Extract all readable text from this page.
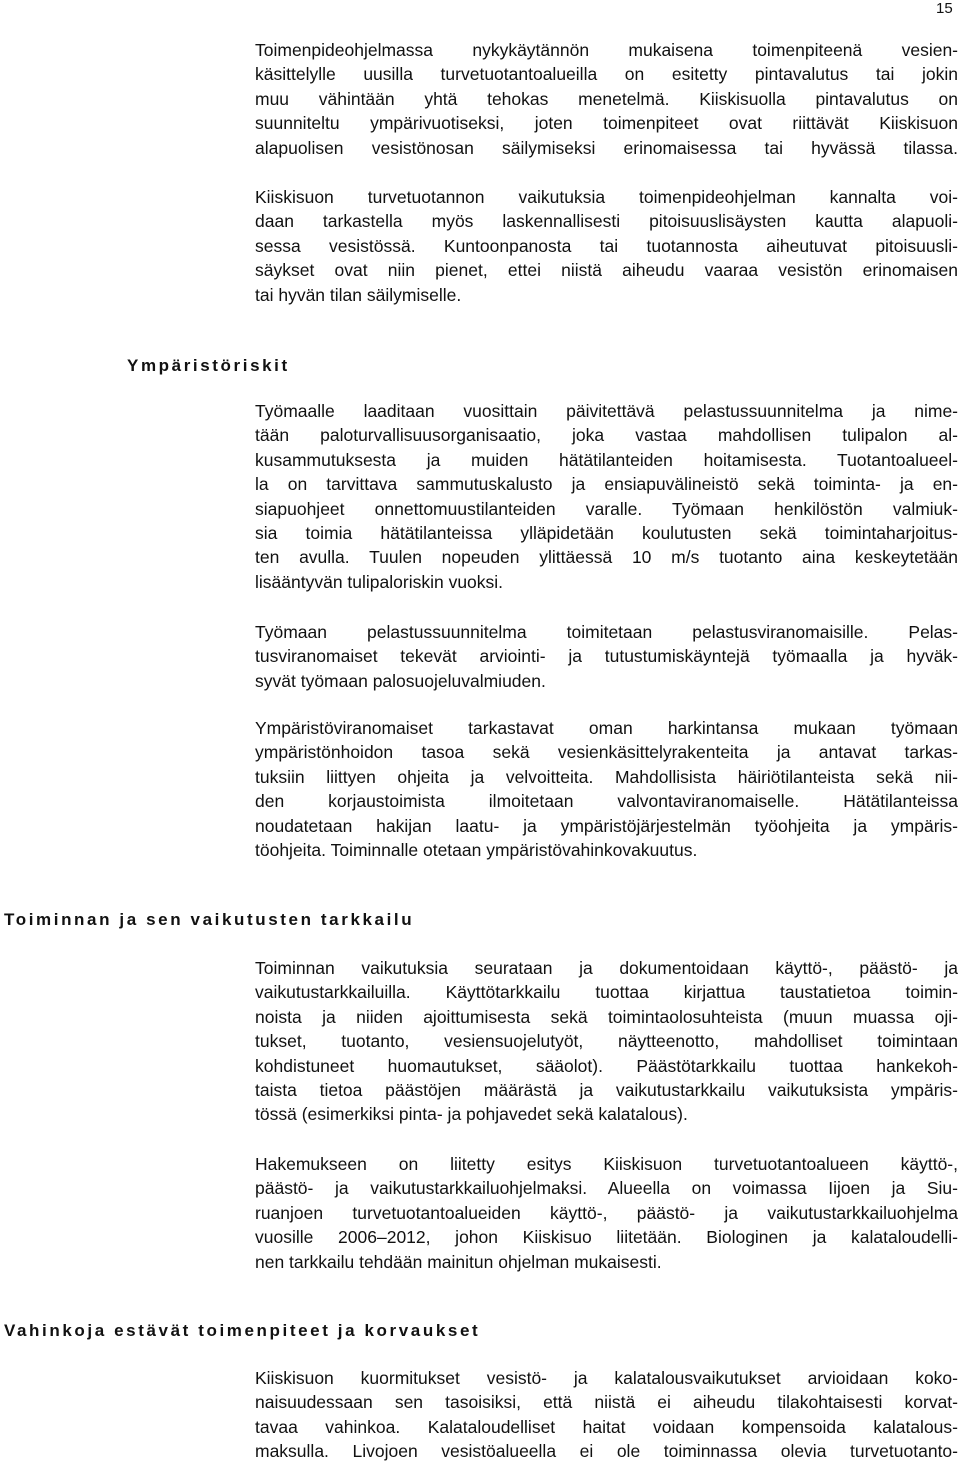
15
Toimenpideohjelmassa nykykäytännön mukaisena toimenpiteenä vesien-
käsittelylle uusilla turvetuotantoalueilla on esitetty pintavalutus tai jokin
muu vähintään yhtä tehokas menetelmä. Kiiskisuolla pintavalutus on
suunniteltu ympärivuotiseksi, joten toimenpiteet ovat riittävät Kiiskisuon
alapuolisen vesistönosan säilymiseksi erinomaisessa tai hyvässä tilassa.
Kiiskisuon turvetuotannon vaikutuksia toimenpideohjelman kannalta voi-
daan tarkastella myös laskennallisesti pitoisuuslisäysten kautta alapuoli-
sessa vesistössä. Kuntoonpanosta tai tuotannosta aiheutuvat pitoisuusli-
säykset ovat niin pienet, ettei niistä aiheudu vaaraa vesistön erinomaisen
tai hyvän tilan säilymiselle.
Ympäristöriskit
Työmaalle laaditaan vuosittain päivitettävä pelastussuunnitelma ja nime-
tään paloturvallisuusorganisaatio, joka vastaa mahdollisen tulipalon al-
kusammutuksesta ja muiden hätätilanteiden hoitamisesta. Tuotantoalueel-
la on tarvittava sammutuskalusto ja ensiapuvälineistö sekä toiminta- ja en-
siapuohjeet onnettomuustilanteiden varalle. Työmaan henkilöstön valmiuk-
sia toimia hätätilanteissa ylläpidetään koulutusten sekä toimintaharjoitus-
ten avulla. Tuulen nopeuden ylittäessä 10 m/s tuotanto aina keskeytetään
lisääntyvän tulipaloriskin vuoksi.
Työmaan pelastussuunnitelma toimitetaan pelastusviranomaisille. Pelas-
tusviranomaiset tekevät arviointi- ja tutustumiskäyntejä työmaalla ja hyväk-
syvät työmaan palosuojeluvalmiuden.
Ympäristöviranomaiset tarkastavat oman harkintansa mukaan työmaan
ympäristönhoidon tasoa sekä vesienkäsittelyrakenteita ja antavat tarkas-
tuksiin liittyen ohjeita ja velvoitteita. Mahdollisista häiriötilanteista sekä nii-
den korjaustoimista ilmoitetaan valvontaviranomaiselle. Hätätilanteissa
noudatetaan hakijan laatu- ja ympäristöjärjestelmän työohjeita ja ympäris-
töohjeita. Toiminnalle otetaan ympäristövahinkovakuutus.
Toiminnan ja sen vaikutusten tarkkailu
Toiminnan vaikutuksia seurataan ja dokumentoidaan käyttö-, päästö- ja
vaikutustarkkailuilla. Käyttötarkkailu tuottaa kirjattua taustatietoa toimin-
noista ja niiden ajoittumisesta sekä toimintaolosuhteista (muun muassa oji-
tukset, tuotanto, vesiensuojelutyöt, näytteenotto, mahdolliset toimintaan
kohdistuneet huomautukset, sääolot). Päästötarkkailu tuottaa hankekoh-
taista tietoa päästöjen määrästä ja vaikutustarkkailu vaikutuksista ympäris-
tössä (esimerkiksi pinta- ja pohjavedet sekä kalatalous).
Hakemukseen on liitetty esitys Kiiskisuon turvetuotantoalueen käyttö-,
päästö- ja vaikutustarkkailuohjelmaksi. Alueella on voimassa Iijoen ja Siu-
ruanjoen turvetuotantoalueiden käyttö-, päästö- ja vaikutustarkkailuohjelma
vuosille 2006–2012, johon Kiiskisuo liitetään. Biologinen ja kalataloudelli-
nen tarkkailu tehdään mainitun ohjelman mukaisesti.
Vahinkoja estävät toimenpiteet ja korvaukset
Kiiskisuon kuormitukset vesistö- ja kalatalousvaikutukset arvioidaan koko-
naisuudessaan sen tasoisiksi, että niistä ei aiheudu tilakohtaisesti korvat-
tavaa vahinkoa. Kalataloudelliset haitat voidaan kompensoida kalatalous-
maksulla. Livojoen vesistöalueella ei ole toiminnassa olevia turvetuotanto-
